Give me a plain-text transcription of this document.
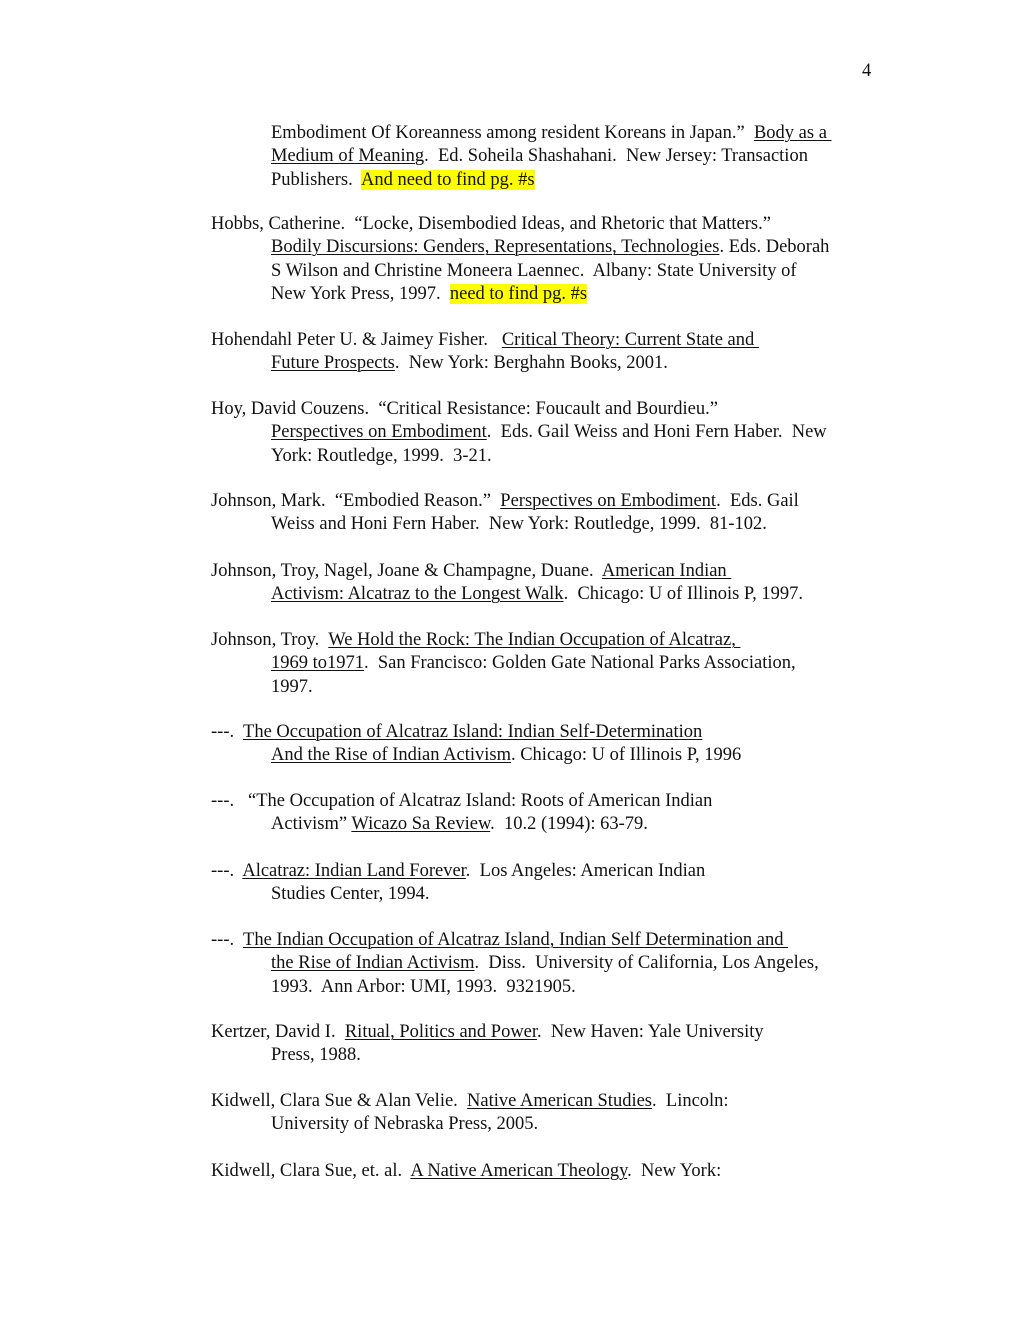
4
Embodiment Of Koreanness among resident Koreans in Japan.”  Body as a
Medium of Meaning.  Ed. Soheila Shashahani.  New Jersey: Transaction
Publishers.  And need to find pg. #s
Hobbs, Catherine.  “Locke, Disembodied Ideas, and Rhetoric that Matters.”
Bodily Discursions: Genders, Representations, Technologies. Eds. Deborah
S Wilson and Christine Moneera Laennec.  Albany: State University of
New York Press, 1997.  need to find pg. #s
Hohendahl Peter U. & Jaimey Fisher.   Critical Theory: Current State and
Future Prospects.  New York: Berghahn Books, 2001.
Hoy, David Couzens.  “Critical Resistance: Foucault and Bourdieu.”
Perspectives on Embodiment.  Eds. Gail Weiss and Honi Fern Haber.  New
York: Routledge, 1999.  3-21.
Johnson, Mark.  “Embodied Reason.”  Perspectives on Embodiment.  Eds. Gail
Weiss and Honi Fern Haber.  New York: Routledge, 1999.  81-102.
Johnson, Troy, Nagel, Joane & Champagne, Duane.  American Indian
Activism: Alcatraz to the Longest Walk.  Chicago: U of Illinois P, 1997.
Johnson, Troy.  We Hold the Rock: The Indian Occupation of Alcatraz,
1969 to1971.  San Francisco: Golden Gate National Parks Association,
1997.
---.  The Occupation of Alcatraz Island: Indian Self-Determination
And the Rise of Indian Activism. Chicago: U of Illinois P, 1996
---.   “The Occupation of Alcatraz Island: Roots of American Indian
Activism” Wicazo Sa Review.  10.2 (1994): 63-79.
---.  Alcatraz: Indian Land Forever.  Los Angeles: American Indian
Studies Center, 1994.
---.  The Indian Occupation of Alcatraz Island, Indian Self Determination and
the Rise of Indian Activism.  Diss.  University of California, Los Angeles,
1993.  Ann Arbor: UMI, 1993.  9321905.
Kertzer, David I.  Ritual, Politics and Power.  New Haven: Yale University
Press, 1988.
Kidwell, Clara Sue & Alan Velie.  Native American Studies.  Lincoln:
University of Nebraska Press, 2005.
Kidwell, Clara Sue, et. al.  A Native American Theology.  New York:
